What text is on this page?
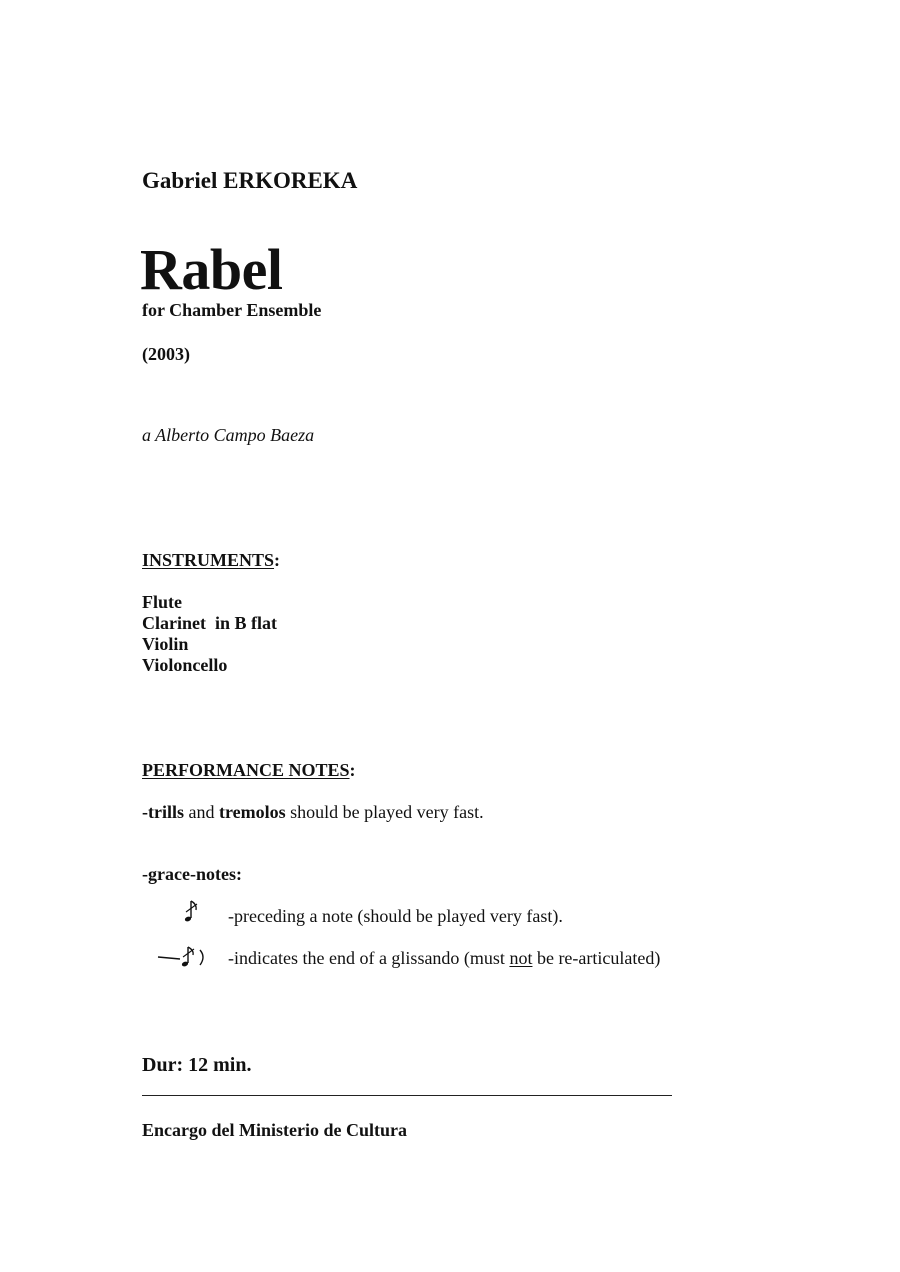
Gabriel ERKOREKA
Rabel
for Chamber Ensemble
(2003)
a Alberto Campo Baeza
INSTRUMENTS:
Flute
Clarinet  in B flat
Violin
Violoncello
PERFORMANCE NOTES:
-trills and tremolos should be played very fast.
-grace-notes:
-preceding a note (should be played very fast).
-indicates the end of a glissando (must not be re-articulated)
Dur: 12 min.
Encargo del Ministerio de Cultura
